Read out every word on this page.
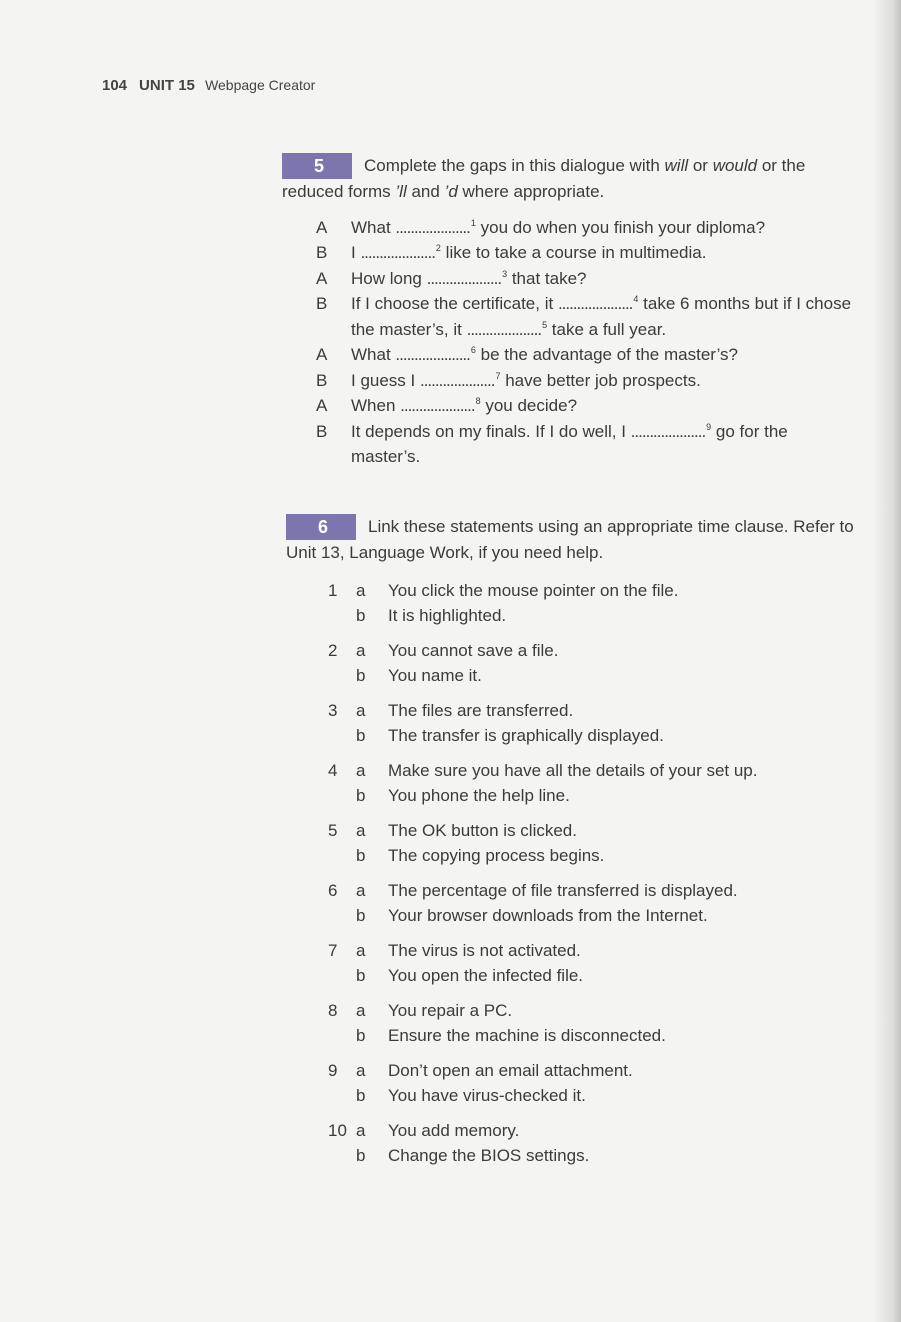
104 UNIT 15 Webpage Creator
5 Complete the gaps in this dialogue with will or would or the reduced forms ’ll and ’d where appropriate.
A	What ....................$^1$ you do when you finish your diploma?
B	I ....................$^2$ like to take a course in multimedia.
A	How long ....................$^3$ that take?
B	If I choose the certificate, it ....................$^4$ take 6 months but if I chose the master’s, it ....................$^5$ take a full year.
A	What ....................$^6$ be the advantage of the master’s?
B	I guess I ....................$^7$ have better job prospects.
A	When ....................$^8$ you decide?
B	It depends on my finals. If I do well, I ....................$^9$ go for the master’s.
6 Link these statements using an appropriate time clause. Refer to Unit 13, Language Work, if you need help.
1	a	You click the mouse pointer on the file.
b	It is highlighted.
2	a	You cannot save a file.
b	You name it.
3	a	The files are transferred.
b	The transfer is graphically displayed.
4	a	Make sure you have all the details of your set up.
b	You phone the help line.
5	a	The OK button is clicked.
b	The copying process begins.
6	a	The percentage of file transferred is displayed.
b	Your browser downloads from the Internet.
7	a	The virus is not activated.
b	You open the infected file.
8	a	You repair a PC.
b	Ensure the machine is disconnected.
9	a	Don’t open an email attachment.
b	You have virus-checked it.
10 a	You add memory.
b	Change the BIOS settings.
